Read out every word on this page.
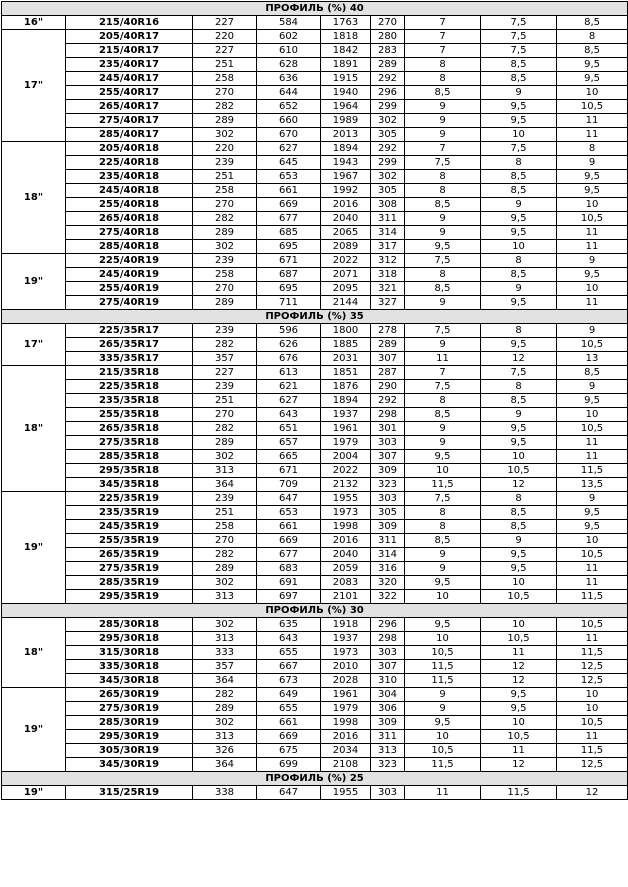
ПРОФИЛЬ (%) 40								
16"	215/40R16	227	584	1763	270	7	7,5	8,5
17"	205/40R17	220	602	1818	280	7	7,5	8
	215/40R17	227	610	1842	283	7	7,5	8,5
	235/40R17	251	628	1891	289	8	8,5	9,5
	245/40R17	258	636	1915	292	8	8,5	9,5
	255/40R17	270	644	1940	296	8,5	9	10
	265/40R17	282	652	1964	299	9	9,5	10,5
	275/40R17	289	660	1989	302	9	9,5	11
	285/40R17	302	670	2013	305	9	10	11
18"	205/40R18	220	627	1894	292	7	7,5	8
	225/40R18	239	645	1943	299	7,5	8	9
	235/40R18	251	653	1967	302	8	8,5	9,5
	245/40R18	258	661	1992	305	8	8,5	9,5
	255/40R18	270	669	2016	308	8,5	9	10
	265/40R18	282	677	2040	311	9	9,5	10,5
	275/40R18	289	685	2065	314	9	9,5	11
	285/40R18	302	695	2089	317	9,5	10	11
19"	225/40R19	239	671	2022	312	7,5	8	9
	245/40R19	258	687	2071	318	8	8,5	9,5
	255/40R19	270	695	2095	321	8,5	9	10
	275/40R19	289	711	2144	327	9	9,5	11
ПРОФИЛЬ (%) 35								
17"	225/35R17	239	596	1800	278	7,5	8	9
	265/35R17	282	626	1885	289	9	9,5	10,5
	335/35R17	357	676	2031	307	11	12	13
18"	215/35R18	227	613	1851	287	7	7,5	8,5
	225/35R18	239	621	1876	290	7,5	8	9
	235/35R18	251	627	1894	292	8	8,5	9,5
	255/35R18	270	643	1937	298	8,5	9	10
	265/35R18	282	651	1961	301	9	9,5	10,5
	275/35R18	289	657	1979	303	9	9,5	11
	285/35R18	302	665	2004	307	9,5	10	11
	295/35R18	313	671	2022	309	10	10,5	11,5
	345/35R18	364	709	2132	323	11,5	12	13,5
19"	225/35R19	239	647	1955	303	7,5	8	9
	235/35R19	251	653	1973	305	8	8,5	9,5
	245/35R19	258	661	1998	309	8	8,5	9,5
	255/35R19	270	669	2016	311	8,5	9	10
	265/35R19	282	677	2040	314	9	9,5	10,5
	275/35R19	289	683	2059	316	9	9,5	11
	285/35R19	302	691	2083	320	9,5	10	11
	295/35R19	313	697	2101	322	10	10,5	11,5
ПРОФИЛЬ (%) 30								
18"	285/30R18	302	635	1918	296	9,5	10	10,5
	295/30R18	313	643	1937	298	10	10,5	11
	315/30R18	333	655	1973	303	10,5	11	11,5
	335/30R18	357	667	2010	307	11,5	12	12,5
	345/30R18	364	673	2028	310	11,5	12	12,5
19"	265/30R19	282	649	1961	304	9	9,5	10
	275/30R19	289	655	1979	306	9	9,5	10
	285/30R19	302	661	1998	309	9,5	10	10,5
	295/30R19	313	669	2016	311	10	10,5	11
	305/30R19	326	675	2034	313	10,5	11	11,5
	345/30R19	364	699	2108	323	11,5	12	12,5
ПРОФИЛЬ (%) 25								
19"	315/25R19	338	647	1955	303	11	11,5	12
